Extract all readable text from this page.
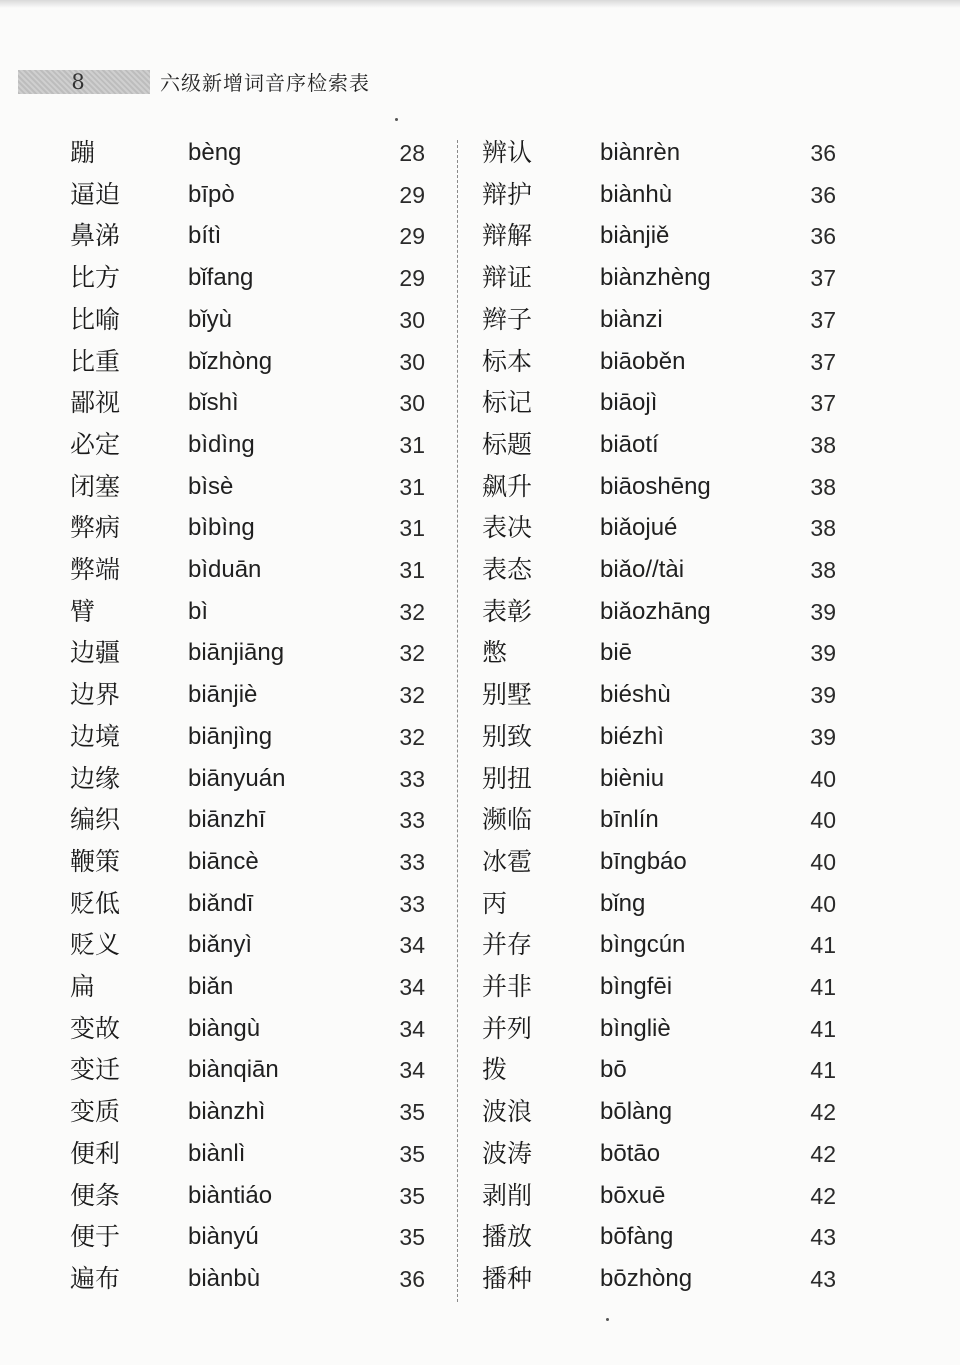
8	六级新增词音序检索表
蹦	bèng	28
逼迫	bīpò	29
鼻涕	bítì	29
比方	bǐfang	29
比喻	bǐyù	30
比重	bǐzhòng	30
鄙视	bǐshì	30
必定	bìdìng	31
闭塞	bìsè	31
弊病	bìbìng	31
弊端	bìduān	31
臂	bì	32
边疆	biānjiāng	32
边界	biānjiè	32
边境	biānjìng	32
边缘	biānyuán	33
编织	biānzhī	33
鞭策	biāncè	33
贬低	biǎndī	33
贬义	biǎnyì	34
扁	biǎn	34
变故	biàngù	34
变迁	biànqiān	34
变质	biànzhì	35
便利	biànlì	35
便条	biàntiáo	35
便于	biànyú	35
遍布	biànbù	36
辨认	biànrèn	36
辩护	biànhù	36
辩解	biànjiě	36
辩证	biànzhèng	37
辫子	biànzi	37
标本	biāoběn	37
标记	biāojì	37
标题	biāotí	38
飙升	biāoshēng	38
表决	biǎojué	38
表态	biǎo//tài	38
表彰	biǎozhāng	39
憋	biē	39
别墅	biéshù	39
别致	biézhì	39
别扭	bièniu	40
濒临	bīnlín	40
冰雹	bīngbáo	40
丙	bǐng	40
并存	bìngcún	41
并非	bìngfēi	41
并列	bìngliè	41
拨	bō	41
波浪	bōlàng	42
波涛	bōtāo	42
剥削	bōxuē	42
播放	bōfàng	43
播种	bōzhòng	43
